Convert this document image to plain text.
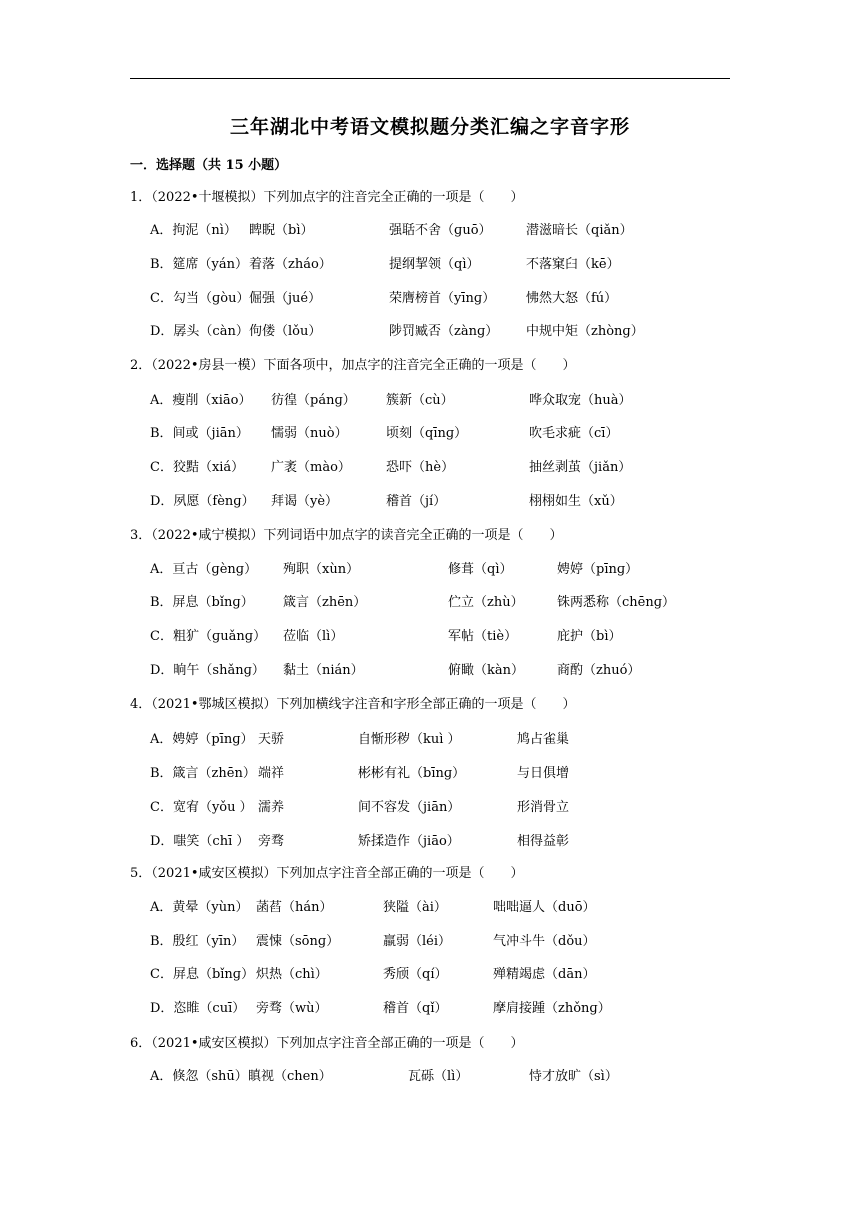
三年湖北中考语文模拟题分类汇编之字音字形
一．选择题（共 15 小题）
1．（2022•十堰模拟）下列加点字的注音完全正确的一项是（　　）
A．拘泥（nì） 睥睨（bì）	强聒不舍（ɡuō）	潜滋暗长（qiǎn）
B．筵席（yán） 着落（zháo）	提纲挈领（qì）	不落窠臼（kē）
C．勾当（ɡòu） 倔强（jué）	荣膺榜首（yīnɡ） 怫然大怒（fú）
D．孱头（càn） 佝偻（lǒu）	陟罚臧否（zànɡ） 中规中矩（zhònɡ）
2．（2022•房县一模）下面各项中，加点字的注音完全正确的一项是（　　）
A．瘦削（xiāo） 彷徨（pánɡ） 簇新（cù）	哗众取宠（huà）
B．间或（jiān） 懦弱（nuò）	顷刻（qīnɡ）	吹毛求疵（cī）
C．狡黠（xiá） 广袤（mào）	恐吓（hè）	抽丝剥茧（jiǎn）
D．夙愿（fènɡ） 拜谒（yè）	稽首（jí）	栩栩如生（xǔ）
3．（2022•咸宁模拟）下列词语中加点字的读音完全正确的一项是（　　）
A．亘古（ɡènɡ） 殉职（xùn）	修葺（qì）	娉婷（pīnɡ）
B．屏息（bǐnɡ） 箴言（zhēn）	伫立（zhù）	铢两悉称（chēnɡ）
C．粗犷（ɡuǎnɡ） 莅临（lì）	军帖（tiè）	庇护（bì）
D．晌午（shǎnɡ） 黏土（nián）	俯瞰（kàn）	商酌（zhuó）
4．（2021•鄂城区模拟）下列加横线字注音和字形全部正确的一项是（　　）
A．娉婷（pīnɡ） 天骄	自惭形秽（kuì ）	鸠占雀巢
B．箴言（zhēn） 端祥	彬彬有礼（bīnɡ）	与日俱增
C．宽宥（yǒu ） 濡养	间不容发（jiān）	形消骨立
D．嗤笑（chī ） 旁骛	矫揉造作（jiāo）	相得益彰
5．（2021•咸安区模拟）下列加点字注音全部正确的一项是（　　）
A．黄晕（yùn） 菡萏（hán）	狭隘（ài）	咄咄逼人（duō）
B．殷红（yīn） 震悚（sōnɡ）	羸弱（léi）	气冲斗牛（dǒu）
C．屏息（bǐnɡ） 炽热（chì）	秀颀（qí）	殚精竭虑（dān）
D．恣睢（cuī） 旁骛（wù）	稽首（qǐ）	摩肩接踵（zhǒnɡ）
6．（2021•咸安区模拟）下列加点字注音全部正确的一项是（　　）
A．倏忽（shū） 瞋视（chen）	瓦砾（lì）	恃才放旷（sì）
